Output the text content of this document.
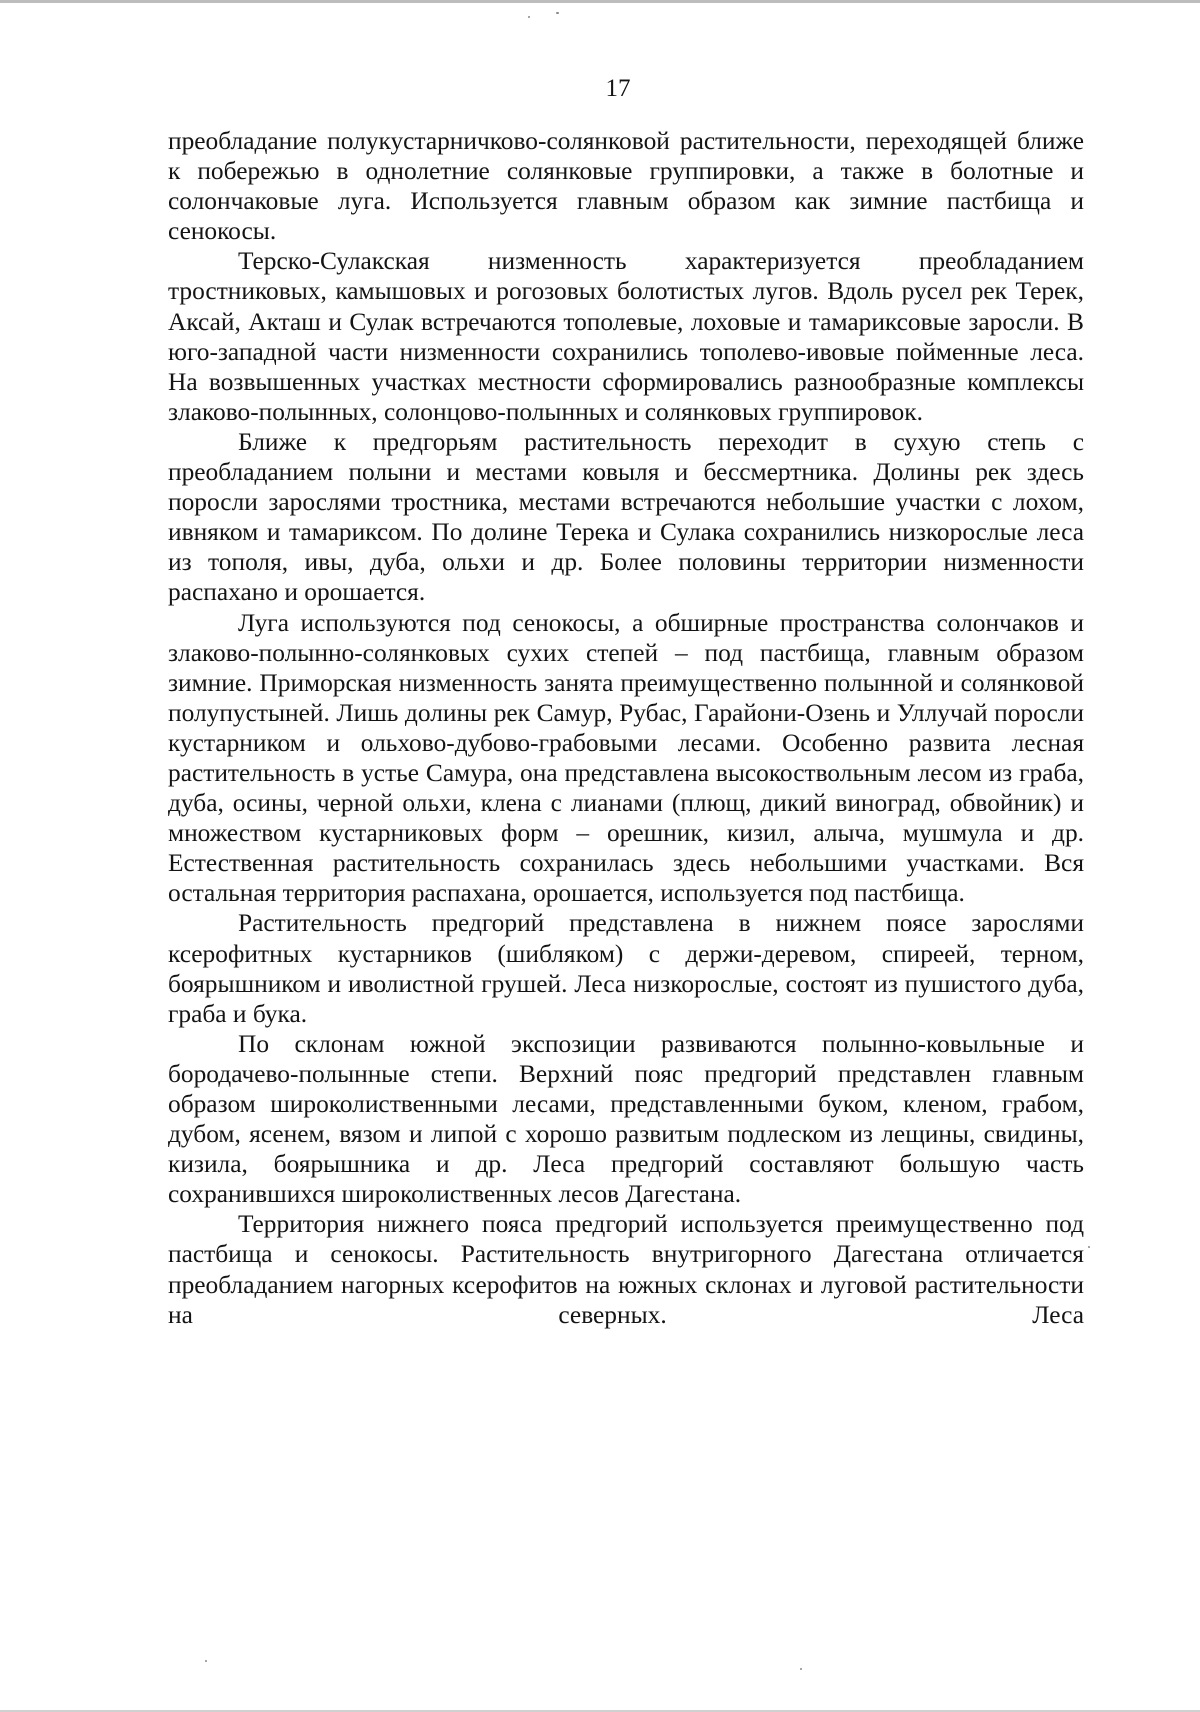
17

преобладание полукустарничково-солянковой растительности, переходящей ближе к побережью в однолетние солянковые группировки, а также в болотные и солончаковые луга. Используется главным образом как зимние пастбища и сенокосы.

Терско-Сулакская низменность характеризуется преобладанием тростниковых, камышовых и рогозовых болотистых лугов. Вдоль русел рек Терек, Аксай, Акташ и Сулак встречаются тополевые, лоховые и тамариксовые заросли. В юго-западной части низменности сохранились тополево-ивовые пойменные леса. На возвышенных участках местности сформировались разнообразные комплексы злаково-полынных, солонцово-полынных и солянковых группировок.

Ближе к предгорьям растительность переходит в сухую степь с преобладанием полыни и местами ковыля и бессмертника. Долины рек здесь поросли зарослями тростника, местами встречаются небольшие участки с лохом, ивняком и тамариксом. По долине Терека и Сулака сохранились низкорослые леса из тополя, ивы, дуба, ольхи и др. Более половины территории низменности распахано и орошается.

Луга используются под сенокосы, а обширные пространства солончаков и злаково-полынно-солянковых сухих степей – под пастбища, главным образом зимние. Приморская низменность занята преимущественно полынной и солянковой полупустыней. Лишь долины рек Самур, Рубас, Гарайони-Озень и Уллучай поросли кустарником и ольхово-дубово-грабовыми лесами. Особенно развита лесная растительность в устье Самура, она представлена высокоствольным лесом из граба, дуба, осины, черной ольхи, клена с лианами (плющ, дикий виноград, обвойник) и множеством кустарниковых форм – орешник, кизил, алыча, мушмула и др. Естественная растительность сохранилась здесь небольшими участками. Вся остальная территория распахана, орошается, используется под пастбища.

Растительность предгорий представлена в нижнем поясе зарослями ксерофитных кустарников (шибляком) с держи-деревом, спиреей, терном, боярышником и иволистной грушей. Леса низкорослые, состоят из пушистого дуба, граба и бука.

По склонам южной экспозиции развиваются полынно-ковыльные и бородачево-полынные степи. Верхний пояс предгорий представлен главным образом широколиственными лесами, представленными буком, кленом, грабом, дубом, ясенем, вязом и липой с хорошо развитым подлеском из лещины, свидины, кизила, боярышника и др. Леса предгорий составляют большую часть сохранившихся широколиственных лесов Дагестана.

Территория нижнего пояса предгорий используется преимущественно под пастбища и сенокосы. Растительность внутригорного Дагестана отличается преобладанием нагорных ксерофитов на южных склонах и луговой растительности на северных. Леса
